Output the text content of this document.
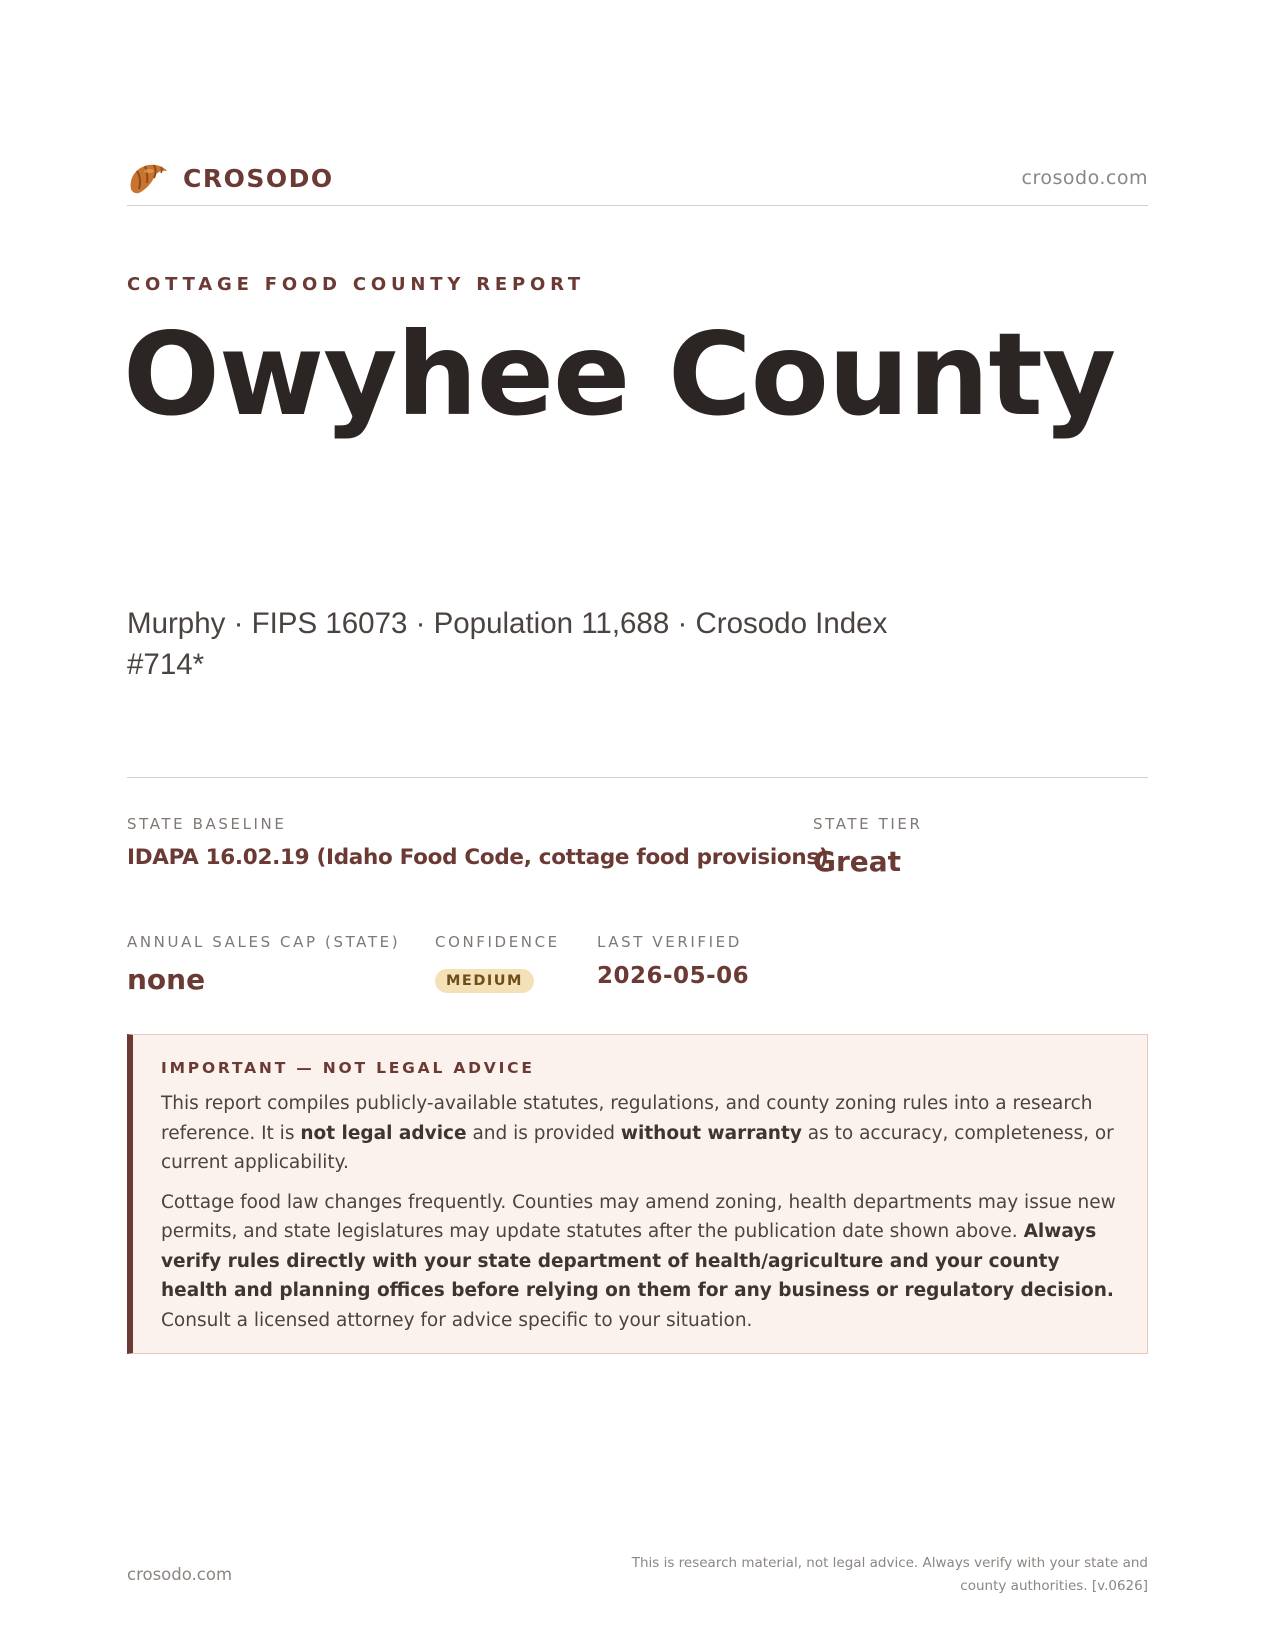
CROSODO	crosodo.com
COTTAGE FOOD COUNTY REPORT
Owyhee County
Murphy · FIPS 16073 · Population 11,688 · Crosodo Index #714*
STATE BASELINE
IDAPA 16.02.19 (Idaho Food Code, cottage food provisions)
STATE TIER
Great
ANNUAL SALES CAP (STATE)
none
CONFIDENCE
MEDIUM
LAST VERIFIED
2026-05-06
IMPORTANT — NOT LEGAL ADVICE

This report compiles publicly-available statutes, regulations, and county zoning rules into a research reference. It is not legal advice and is provided without warranty as to accuracy, completeness, or current applicability.

Cottage food law changes frequently. Counties may amend zoning, health departments may issue new permits, and state legislatures may update statutes after the publication date shown above. Always verify rules directly with your state department of health/agriculture and your county health and planning offices before relying on them for any business or regulatory decision. Consult a licensed attorney for advice specific to your situation.

crosodo.com
This is research material, not legal advice. Always verify with your state and county authorities. [v.0626]
